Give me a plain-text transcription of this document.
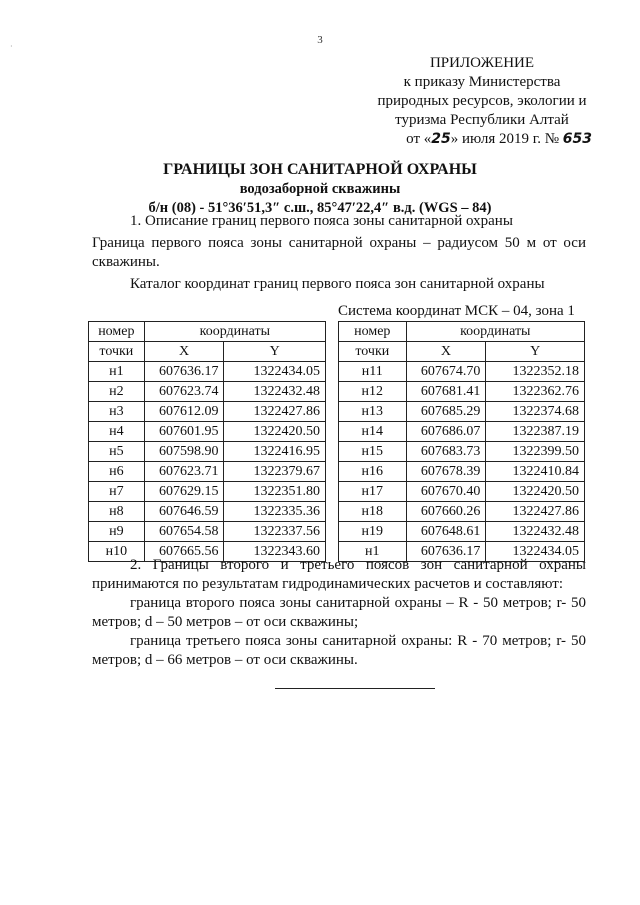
3
·
ПРИЛОЖЕНИЕ
к приказу Министерства
природных ресурсов, экологии и
туризма Республики Алтай
от «25» июля 2019 г. № 653
ГРАНИЦЫ ЗОН САНИТАРНОЙ ОХРАНЫ
водозаборной скважины
б/н (08) - 51°36′51,3″ с.ш., 85°47′22,4″ в.д. (WGS – 84)
1. Описание границ первого пояса зоны санитарной охраны
Граница первого пояса зоны санитарной охраны – радиусом 50 м от оси скважины.
Каталог координат границ первого пояса зон санитарной охраны
Система координат МСК – 04, зона 1
номер	координаты	
точки	X	Y
н1	607636.17	1322434.05
н2	607623.74	1322432.48
н3	607612.09	1322427.86
н4	607601.95	1322420.50
н5	607598.90	1322416.95
н6	607623.71	1322379.67
н7	607629.15	1322351.80
н8	607646.59	1322335.36
н9	607654.58	1322337.56
н10	607665.56	1322343.60
номер	координаты	
точки	X	Y
н11	607674.70	1322352.18
н12	607681.41	1322362.76
н13	607685.29	1322374.68
н14	607686.07	1322387.19
н15	607683.73	1322399.50
н16	607678.39	1322410.84
н17	607670.40	1322420.50
н18	607660.26	1322427.86
н19	607648.61	1322432.48
н1	607636.17	1322434.05

2. Границы второго и третьего поясов зон санитарной охраны принимаются по результатам гидродинамических расчетов и составляют:

граница второго пояса зоны санитарной охраны – R - 50 метров; r- 50 метров; d – 50 метров – от оси скважины;

граница третьего пояса зоны санитарной охраны: R - 70 метров; r- 50 метров; d – 66 метров – от оси скважины.
